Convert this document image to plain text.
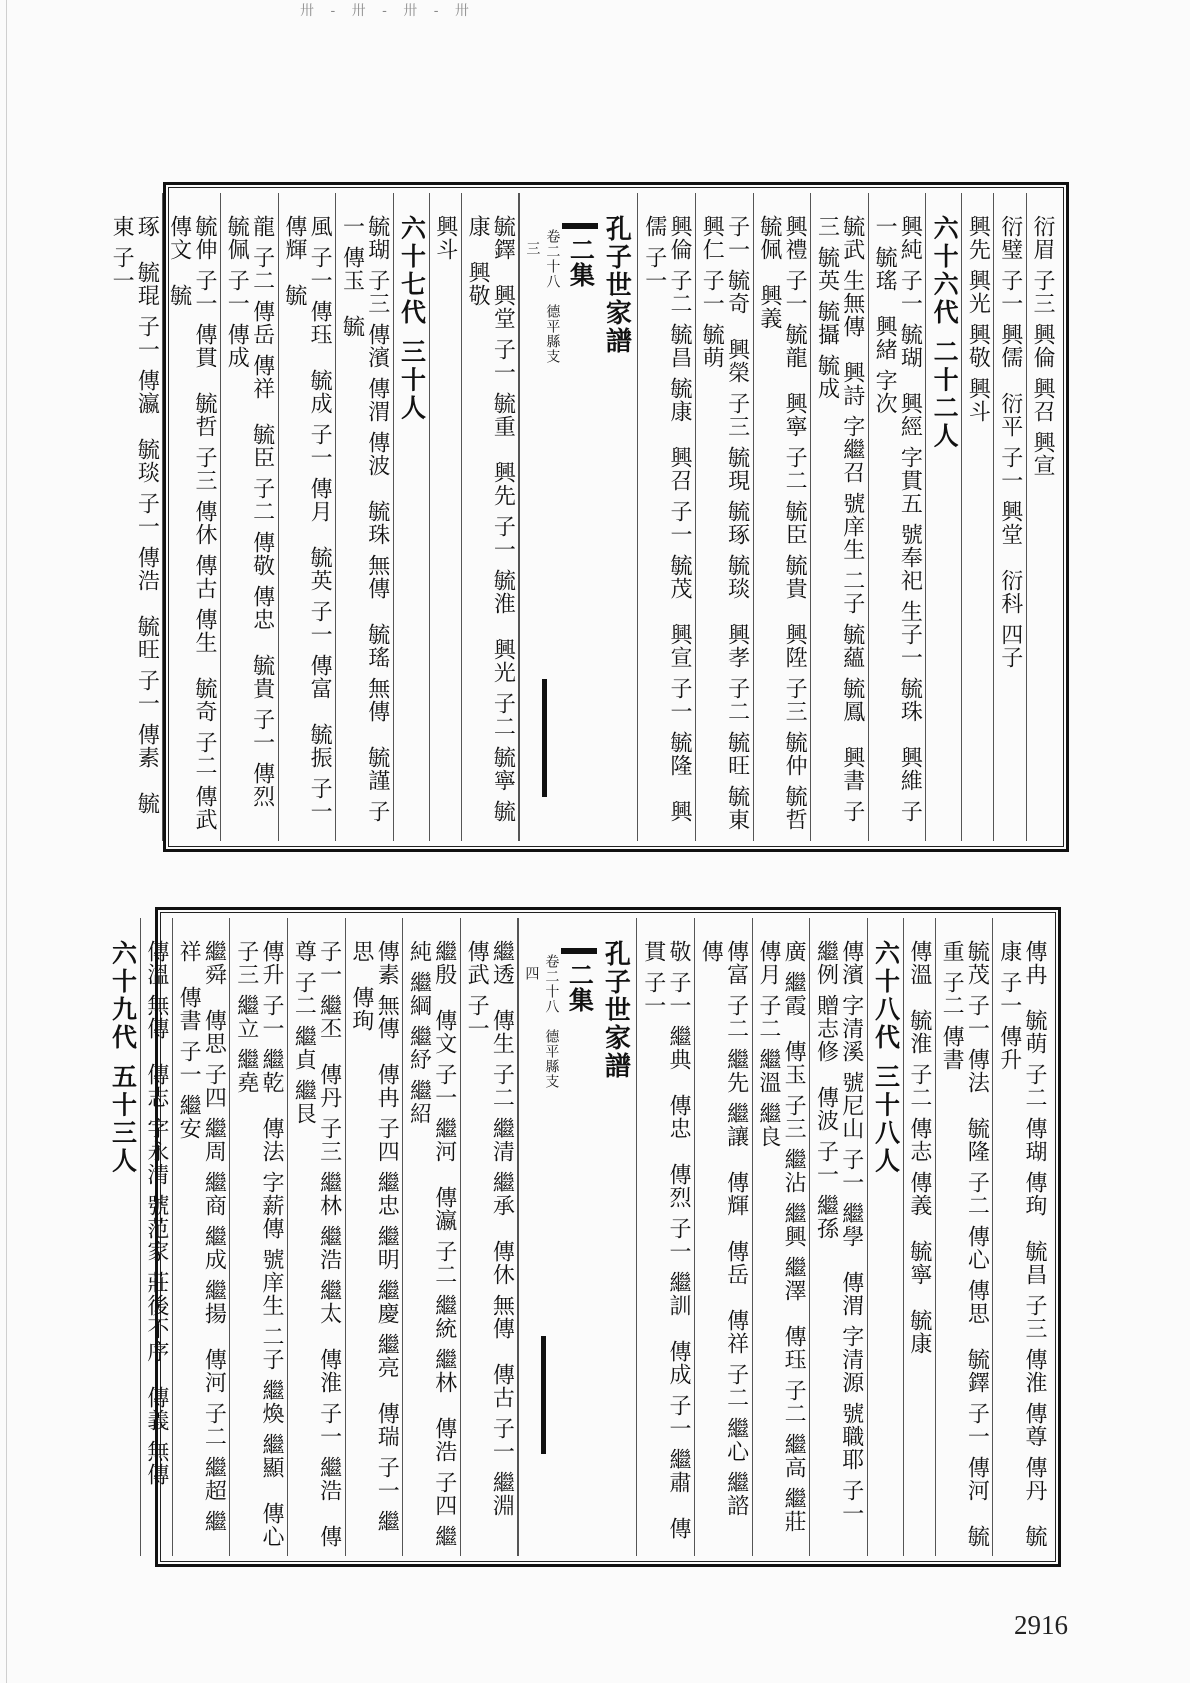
卅 ‑ 卅 ‑ 卅 ‑ 卅
衍眉 子三 興倫 興召 興宣
衍璧 子一 興儒　衍平 子一 興堂　衍科 四子
興先 興光 興敬 興斗
六十六代 二十二人
興純 子一 毓瑚　興經 字貫五 號奉祀 生子一 毓珠　興維 子一 毓瑤　興緒 字次
毓武 生無傳　興詩 字繼召 號庠生 二子 毓蘊 毓鳳　興書 子三 毓英 毓攝 毓成
興禮 子一 毓龍　興寧 子二 毓臣 毓貴　興陞 子三 毓仲 毓哲 毓佩　興義
子一 毓奇　興榮 子三 毓現 毓琢 毓琰　興孝 子二 毓旺 毓東　興仁 子一 毓萌
興倫 子二 毓昌 毓康　興召 子一 毓茂　興宣 子一 毓隆　興儒 子一
孔子世家譜
二集
卷二十八　德平縣支
三
毓鐸　興堂 子一 毓重　興先 子一 毓淮　興光 子二 毓寧 毓康　興敬
興斗
六十七代 三十人
毓瑚 子三 傳濱 傳渭 傳波　毓珠 無傳　毓瑤 無傳　毓謹 子一 傳玉　毓
風 子一 傳珏　毓成 子一 傳月　毓英 子一 傳富　毓振 子一 傳輝　毓
龍 子二 傳岳 傳祥　毓臣 子二 傳敬 傳忠　毓貴 子一 傳烈　毓佩 子一 傳成
毓伸 子一 傳貫　毓哲 子三 傳休 傳古 傳生　毓奇 子二 傳武 傳文　毓
琢　毓琨 子一 傳瀛　毓琰 子一 傳浩　毓旺 子一 傳素　毓東 子一
傳冉　毓萌 子二 傳瑚 傳珣　毓昌 子三 傳淮 傳尊 傳丹　毓康 子一 傳升
毓茂 子一 傳法　毓隆 子二 傳心 傳思　毓鐸 子一 傳河　毓重 子二 傳書
傳溫　毓淮 子二 傳志 傳義　毓寧　毓康
六十八代 三十八人
傳濱 字清溪 號尼山 子一 繼學　傳渭 字清源 號職耶 子一 繼例 贈志修　傳波 子一 繼孫
廣 繼霞　傳玉 子三 繼沾 繼興 繼澤　傳珏 子二 繼高 繼莊　傳月 子二 繼溫 繼良
傳富 子二 繼先 繼讓　傳輝　傳岳　傳祥 子二 繼心 繼諮　傳
敬 子一 繼典　傳忠　傳烈 子一 繼訓　傳成 子一 繼肅　傳貫 子一
孔子世家譜
二集
卷二十八　德平縣支
四
繼透　傳生 子二 繼清 繼承　傳休 無傳　傳古 子一 繼淵　傳武 子一
繼殷　傳文 子一 繼河　傳瀛 子二 繼統 繼林　傳浩 子四 繼純 繼綱 繼紓 繼紹
傳素 無傳　傳冉 子四 繼忠 繼明 繼慶 繼亮　傳瑞 子一 繼思　傳珣
子一 繼丕　傳丹 子三 繼林 繼浩 繼太　傳淮 子一 繼浩　傳尊 子二 繼貞 繼艮
傳升 子一 繼乾　傳法 字薪傳 號庠生 二子 繼煥 繼顯　傳心 子三 繼立 繼堯
繼舜　傳思 子四 繼周 繼商 繼成 繼揚　傳河 子二 繼超 繼祥　傳書 子一 繼安
傳溫 無傳　傳志 字永清 號范家 莊後不序　傳義 無傳
六十九代 五十三人
2916
